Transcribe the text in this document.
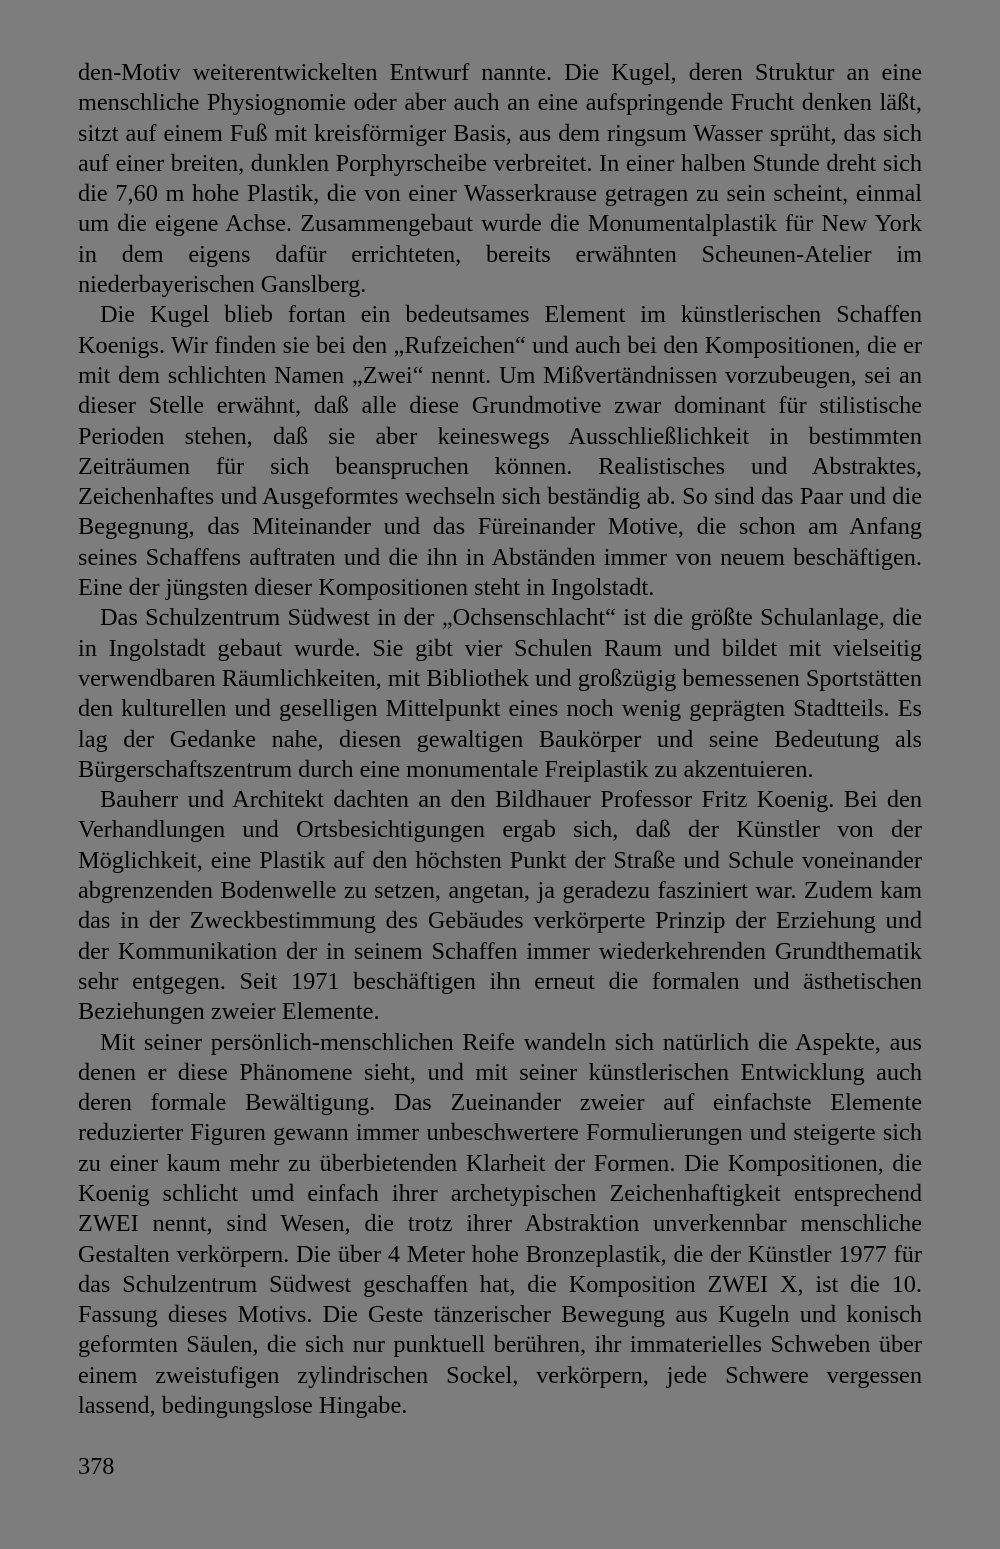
den-Motiv weiterentwickelten Entwurf nannte. Die Kugel, deren Struktur an eine menschliche Physiognomie oder aber auch an eine aufspringende Frucht denken läßt, sitzt auf einem Fuß mit kreisförmiger Basis, aus dem ringsum Wasser sprüht, das sich auf einer breiten, dunklen Porphyrscheibe verbreitet. In einer halben Stunde dreht sich die 7,60 m hohe Plastik, die von einer Wasserkrause getragen zu sein scheint, einmal um die eigene Achse. Zusammengebaut wurde die Monumentalplastik für New York in dem eigens dafür errichteten, bereits erwähnten Scheunen-Atelier im niederbayerischen Ganslberg.

Die Kugel blieb fortan ein bedeutsames Element im künstlerischen Schaffen Koenigs. Wir finden sie bei den „Rufzeichen“ und auch bei den Kompositionen, die er mit dem schlichten Namen „Zwei“ nennt. Um Mißvertändnissen vorzubeugen, sei an dieser Stelle erwähnt, daß alle diese Grundmotive zwar dominant für stilistische Perioden stehen, daß sie aber keineswegs Ausschließlichkeit in bestimmten Zeiträumen für sich beanspruchen können. Realistisches und Abstraktes, Zeichenhaftes und Ausgeformtes wechseln sich beständig ab. So sind das Paar und die Begegnung, das Miteinander und das Füreinander Motive, die schon am Anfang seines Schaffens auftraten und die ihn in Abständen immer von neuem beschäftigen. Eine der jüngsten dieser Kompositionen steht in Ingolstadt.

Das Schulzentrum Südwest in der „Ochsenschlacht“ ist die größte Schulanlage, die in Ingolstadt gebaut wurde. Sie gibt vier Schulen Raum und bildet mit vielseitig verwendbaren Räumlichkeiten, mit Bibliothek und großzügig bemessenen Sportstätten den kulturellen und geselligen Mittelpunkt eines noch wenig geprägten Stadtteils. Es lag der Gedanke nahe, diesen gewaltigen Baukörper und seine Bedeutung als Bürgerschaftszentrum durch eine monumentale Freiplastik zu akzentuieren.

Bauherr und Architekt dachten an den Bildhauer Professor Fritz Koenig. Bei den Verhandlungen und Ortsbesichtigungen ergab sich, daß der Künstler von der Möglichkeit, eine Plastik auf den höchsten Punkt der Straße und Schule voneinander abgrenzenden Bodenwelle zu setzen, angetan, ja geradezu fasziniert war. Zudem kam das in der Zweckbestimmung des Gebäudes verkörperte Prinzip der Erziehung und der Kommunikation der in seinem Schaffen immer wiederkehrenden Grundthematik sehr entgegen. Seit 1971 beschäftigen ihn erneut die formalen und ästhetischen Beziehungen zweier Elemente.

Mit seiner persönlich-menschlichen Reife wandeln sich natürlich die Aspekte, aus denen er diese Phänomene sieht, und mit seiner künstlerischen Entwicklung auch deren formale Bewältigung. Das Zueinander zweier auf einfachste Elemente reduzierter Figuren gewann immer unbeschwertere Formulierungen und steigerte sich zu einer kaum mehr zu überbietenden Klarheit der Formen. Die Kompositionen, die Koenig schlicht umd einfach ihrer archetypischen Zeichenhaftigkeit entsprechend ZWEI nennt, sind Wesen, die trotz ihrer Abstraktion unverkennbar menschliche Gestalten verkörpern. Die über 4 Meter hohe Bronzeplastik, die der Künstler 1977 für das Schulzentrum Südwest geschaffen hat, die Komposition ZWEI X, ist die 10. Fassung dieses Motivs. Die Geste tänzerischer Bewegung aus Kugeln und konisch geformten Säulen, die sich nur punktuell berühren, ihr immaterielles Schweben über einem zweistufigen zylindrischen Sockel, verkörpern, jede Schwere vergessen lassend, bedingungslose Hingabe.

378
